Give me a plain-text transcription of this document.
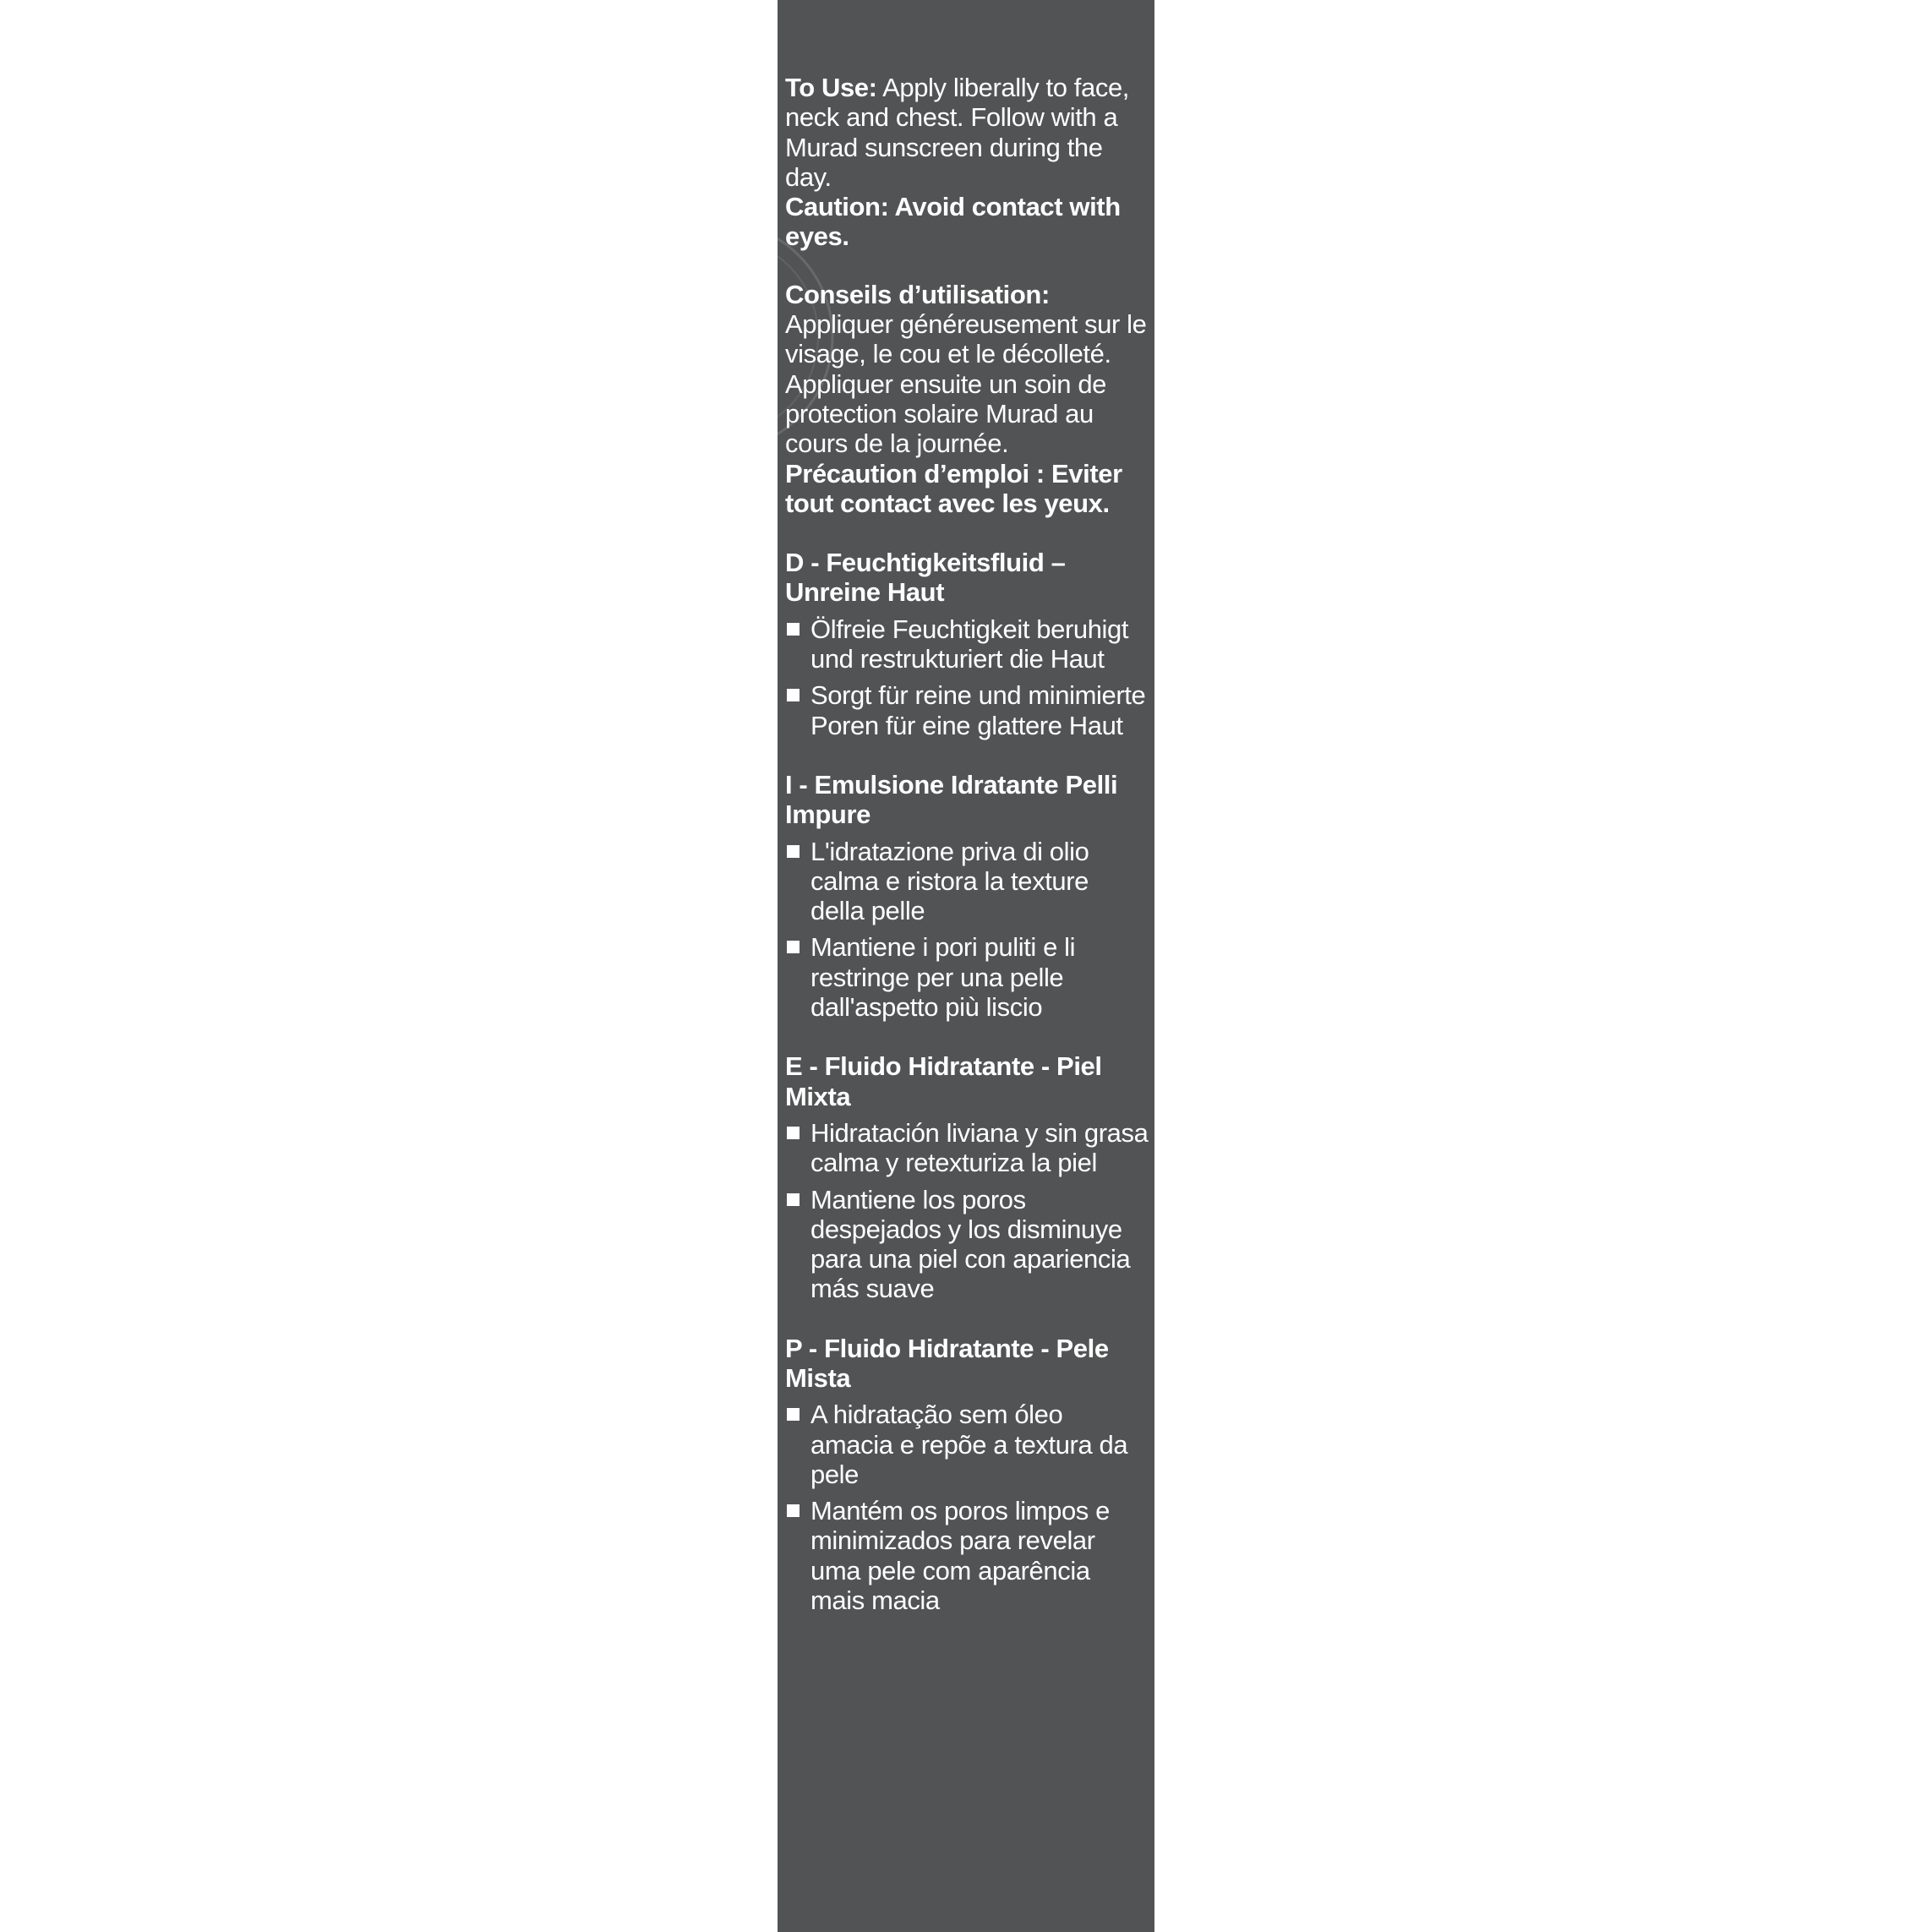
To Use: Apply liberally to face, neck and chest. Follow with a Murad sunscreen during the day.

Caution: Avoid contact with eyes.

Conseils d’utilisation:

Appliquer généreusement sur le visage, le cou et le décolleté. Appliquer ensuite un soin de protection solaire Murad au cours de la journée.

Précaution d’emploi : Eviter tout contact avec les yeux.

D - Feuchtigkeitsfluid – Unreine Haut

Ölfreie Feuchtigkeit beruhigt und restrukturiert die Haut
Sorgt für reine und minimierte Poren für eine glattere Haut

I - Emulsione Idratante Pelli Impure

L'idratazione priva di olio calma e ristora la texture della pelle
Mantiene i pori puliti e li restringe per una pelle dall'aspetto più liscio

E - Fluido Hidratante - Piel Mixta

Hidratación liviana y sin grasa calma y retexturiza la piel
Mantiene los poros despejados y los disminuye para una piel con apariencia más suave

P - Fluido Hidratante - Pele Mista

A hidratação sem óleo amacia e repõe a textura da pele
Mantém os poros limpos e minimizados para revelar uma pele com aparência mais macia
